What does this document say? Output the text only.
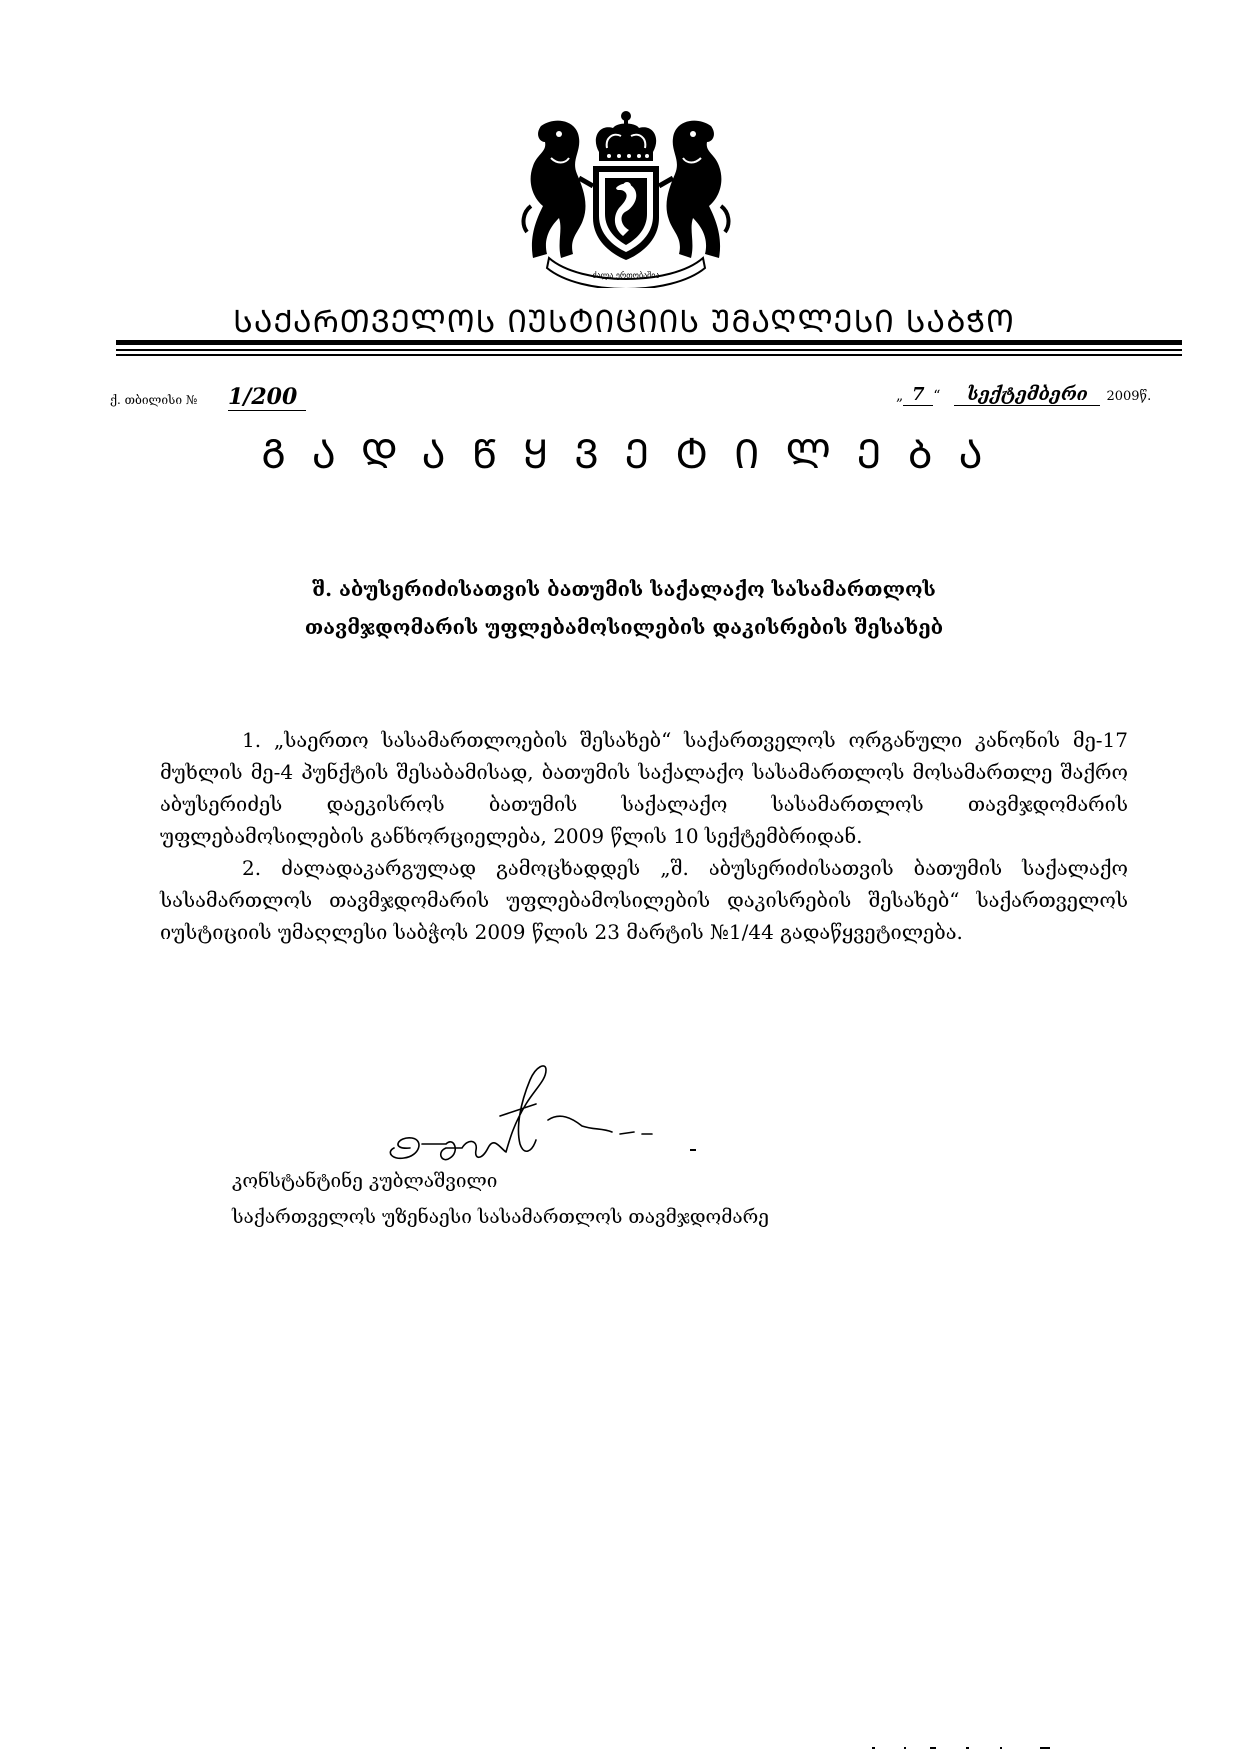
ძალა ერთობაშია
ᲡᲐᲥᲐᲠᲗᲕᲔᲚᲝᲡ ᲘᲣᲡᲢᲘᲪᲘᲘᲡ ᲣᲛᲐᲦᲚᲔᲡᲘ ᲡᲐᲑᲭᲝ
ქ. თბილისი № 1/200	„ 7 “ სექტემბერი 2009წ.
ᲒᲐᲓᲐᲬᲧᲕᲔᲢᲘᲚᲔᲑᲐ
შ. აბუსერიძისათვის ბათუმის საქალაქო სასამართლოს
თავმჯდომარის უფლებამოსილების დაკისრების შესახებ

1. „საერთო სასამართლოების შესახებ“ საქართველოს ორგანული კანონის მე-17 მუხლის მე-4 პუნქტის შესაბამისად, ბათუმის საქალაქო სასამართლოს მოსამართლე შაქრო აბუსერიძეს დაეკისროს ბათუმის საქალაქო სასამართლოს თავმჯდომარის უფლებამოსილების განხორციელება, 2009 წლის 10 სექტემბრიდან.

2. ძალადაკარგულად გამოცხადდეს „შ. აბუსერიძისათვის ბათუმის საქალაქო სასამართლოს თავმჯდომარის უფლებამოსილების დაკისრების შესახებ“ საქართველოს იუსტიციის უმაღლესი საბჭოს 2009 წლის 23 მარტის №1/44 გადაწყვეტილება.

კონსტანტინე კუბლაშვილი
საქართველოს უზენაესი სასამართლოს თავმჯდომარე
